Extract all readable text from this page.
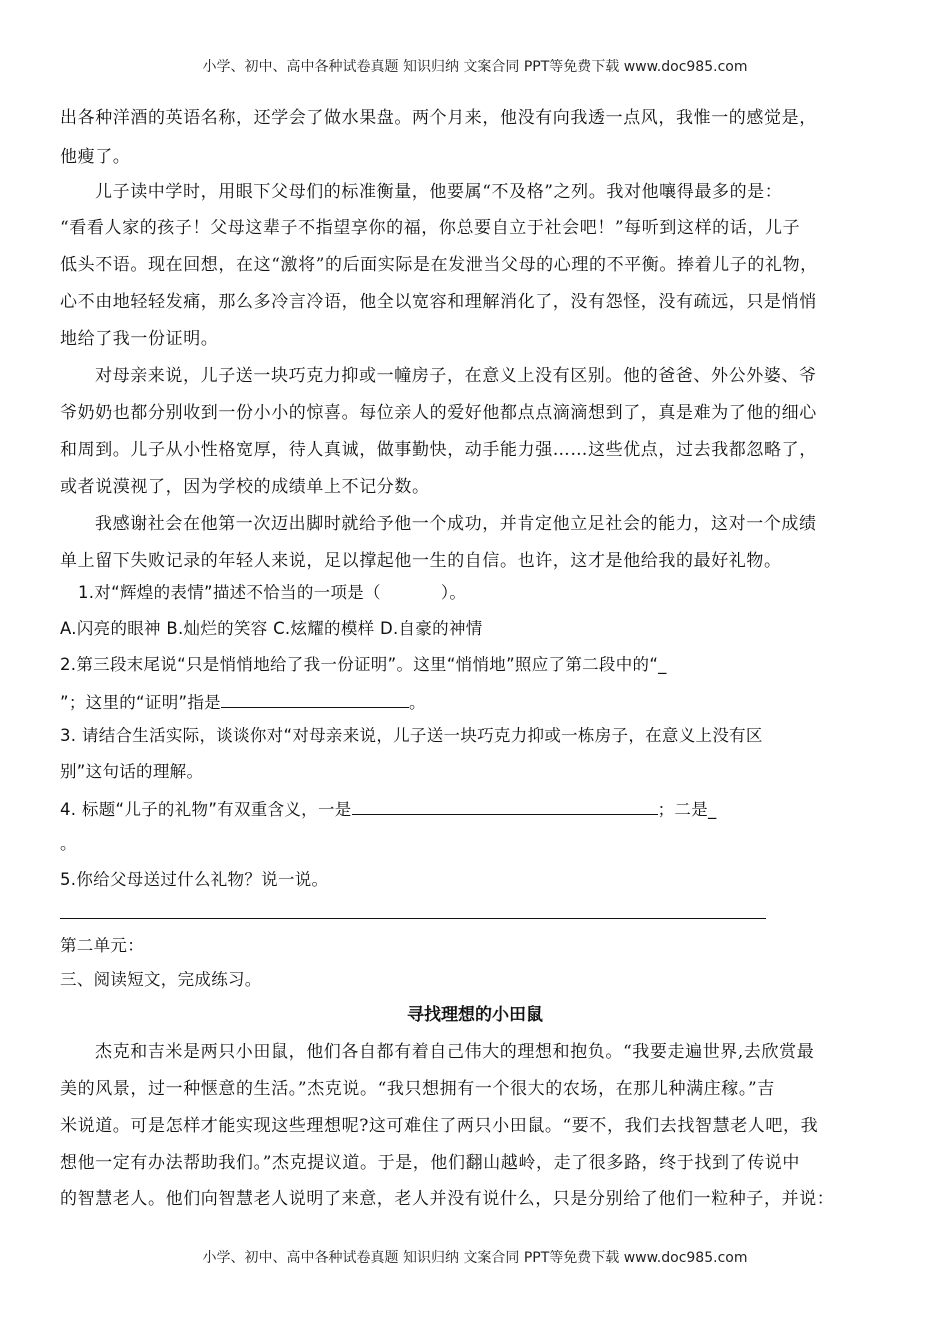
小学、初中、高中各种试卷真题 知识归纳 文案合同 PPT等免费下载 www.doc985.com
出各种洋酒的英语名称，还学会了做水果盘。两个月来，他没有向我透一点风，我惟一的感觉是，
他瘦了。
儿子读中学时，用眼下父母们的标准衡量，他要属“不及格”之列。我对他嚷得最多的是：
“看看人家的孩子！父母这辈子不指望享你的福，你总要自立于社会吧！”每听到这样的话，儿子
低头不语。现在回想，在这“激将”的后面实际是在发泄当父母的心理的不平衡。捧着儿子的礼物，
心不由地轻轻发痛，那么多冷言冷语，他全以宽容和理解消化了，没有怨怪，没有疏远，只是悄悄
地给了我一份证明。
对母亲来说，儿子送一块巧克力抑或一幢房子，在意义上没有区别。他的爸爸、外公外婆、爷
爷奶奶也都分别收到一份小小的惊喜。每位亲人的爱好他都点点滴滴想到了，真是难为了他的细心
和周到。儿子从小性格宽厚，待人真诚，做事勤快，动手能力强……这些优点，过去我都忽略了，
或者说漠视了，因为学校的成绩单上不记分数。
我感谢社会在他第一次迈出脚时就给予他一个成功，并肯定他立足社会的能力，这对一个成绩
单上留下失败记录的年轻人来说，足以撑起他一生的自信。也许，这才是他给我的最好礼物。
1.对“辉煌的表情”描述不恰当的一项是（	）。
A.闪亮的眼神 B.灿烂的笑容 C.炫耀的模样 D.自豪的神情
2.第三段末尾说“只是悄悄地给了我一份证明”。这里“悄悄地”照应了第二段中的“_
”；这里的“证明”指是	。
3. 请结合生活实际，谈谈你对“对母亲来说，儿子送一块巧克力抑或一栋房子，在意义上没有区
别”这句话的理解。
4. 标题“儿子的礼物”有双重含义，一是	；二是_
。
5.你给父母送过什么礼物？说一说。
第二单元：
三、阅读短文，完成练习。
寻找理想的小田鼠
杰克和吉米是两只小田鼠，他们各自都有着自己伟大的理想和抱负。“我要走遍世界,去欣赏最
美的风景，过一种惬意的生活。”杰克说。“我只想拥有一个很大的农场，在那儿种满庄稼。”吉
米说道。可是怎样才能实现这些理想呢?这可难住了两只小田鼠。“要不，我们去找智慧老人吧，我
想他一定有办法帮助我们。”杰克提议道。于是，他们翻山越岭，走了很多路，终于找到了传说中
的智慧老人。他们向智慧老人说明了来意，老人并没有说什么，只是分别给了他们一粒种子，并说：
小学、初中、高中各种试卷真题 知识归纳 文案合同 PPT等免费下载 www.doc985.com
